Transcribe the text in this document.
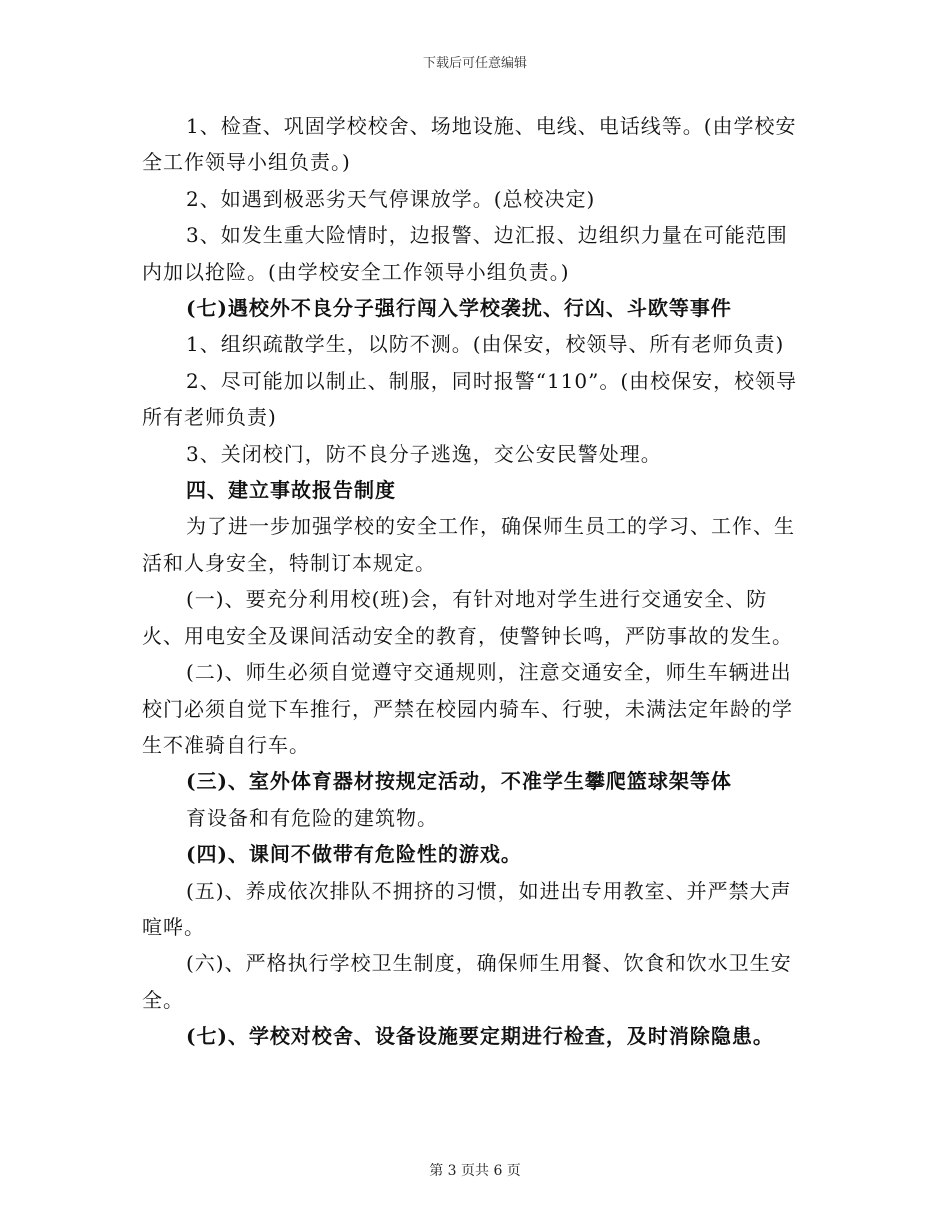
下载后可任意编辑

1、检查、巩固学校校舍、场地设施、电线、电话线等。(由学校安全工作领导小组负责。)

2、如遇到极恶劣天气停课放学。(总校决定)

3、如发生重大险情时，边报警、边汇报、边组织力量在可能范围内加以抢险。(由学校安全工作领导小组负责。)

(七)遇校外不良分子强行闯入学校袭扰、行凶、斗欧等事件

1、组织疏散学生，以防不测。(由保安，校领导、所有老师负责)

2、尽可能加以制止、制服，同时报警“110”。(由校保安，校领导所有老师负责)

3、关闭校门，防不良分子逃逸，交公安民警处理。

四、建立事故报告制度

为了进一步加强学校的安全工作，确保师生员工的学习、工作、生活和人身安全，特制订本规定。

(一)、要充分利用校(班)会，有针对地对学生进行交通安全、防火、用电安全及课间活动安全的教育，使警钟长鸣，严防事故的发生。

(二)、师生必须自觉遵守交通规则，注意交通安全，师生车辆进出校门必须自觉下车推行，严禁在校园内骑车、行驶，未满法定年龄的学生不准骑自行车。

(三)、室外体育器材按规定活动，不准学生攀爬篮球架等体

育设备和有危险的建筑物。

(四)、课间不做带有危险性的游戏。

(五)、养成依次排队不拥挤的习惯，如进出专用教室、并严禁大声喧哗。

(六)、严格执行学校卫生制度，确保师生用餐、饮食和饮水卫生安全。

(七)、学校对校舍、设备设施要定期进行检查，及时消除隐患。

第 3 页共 6 页
